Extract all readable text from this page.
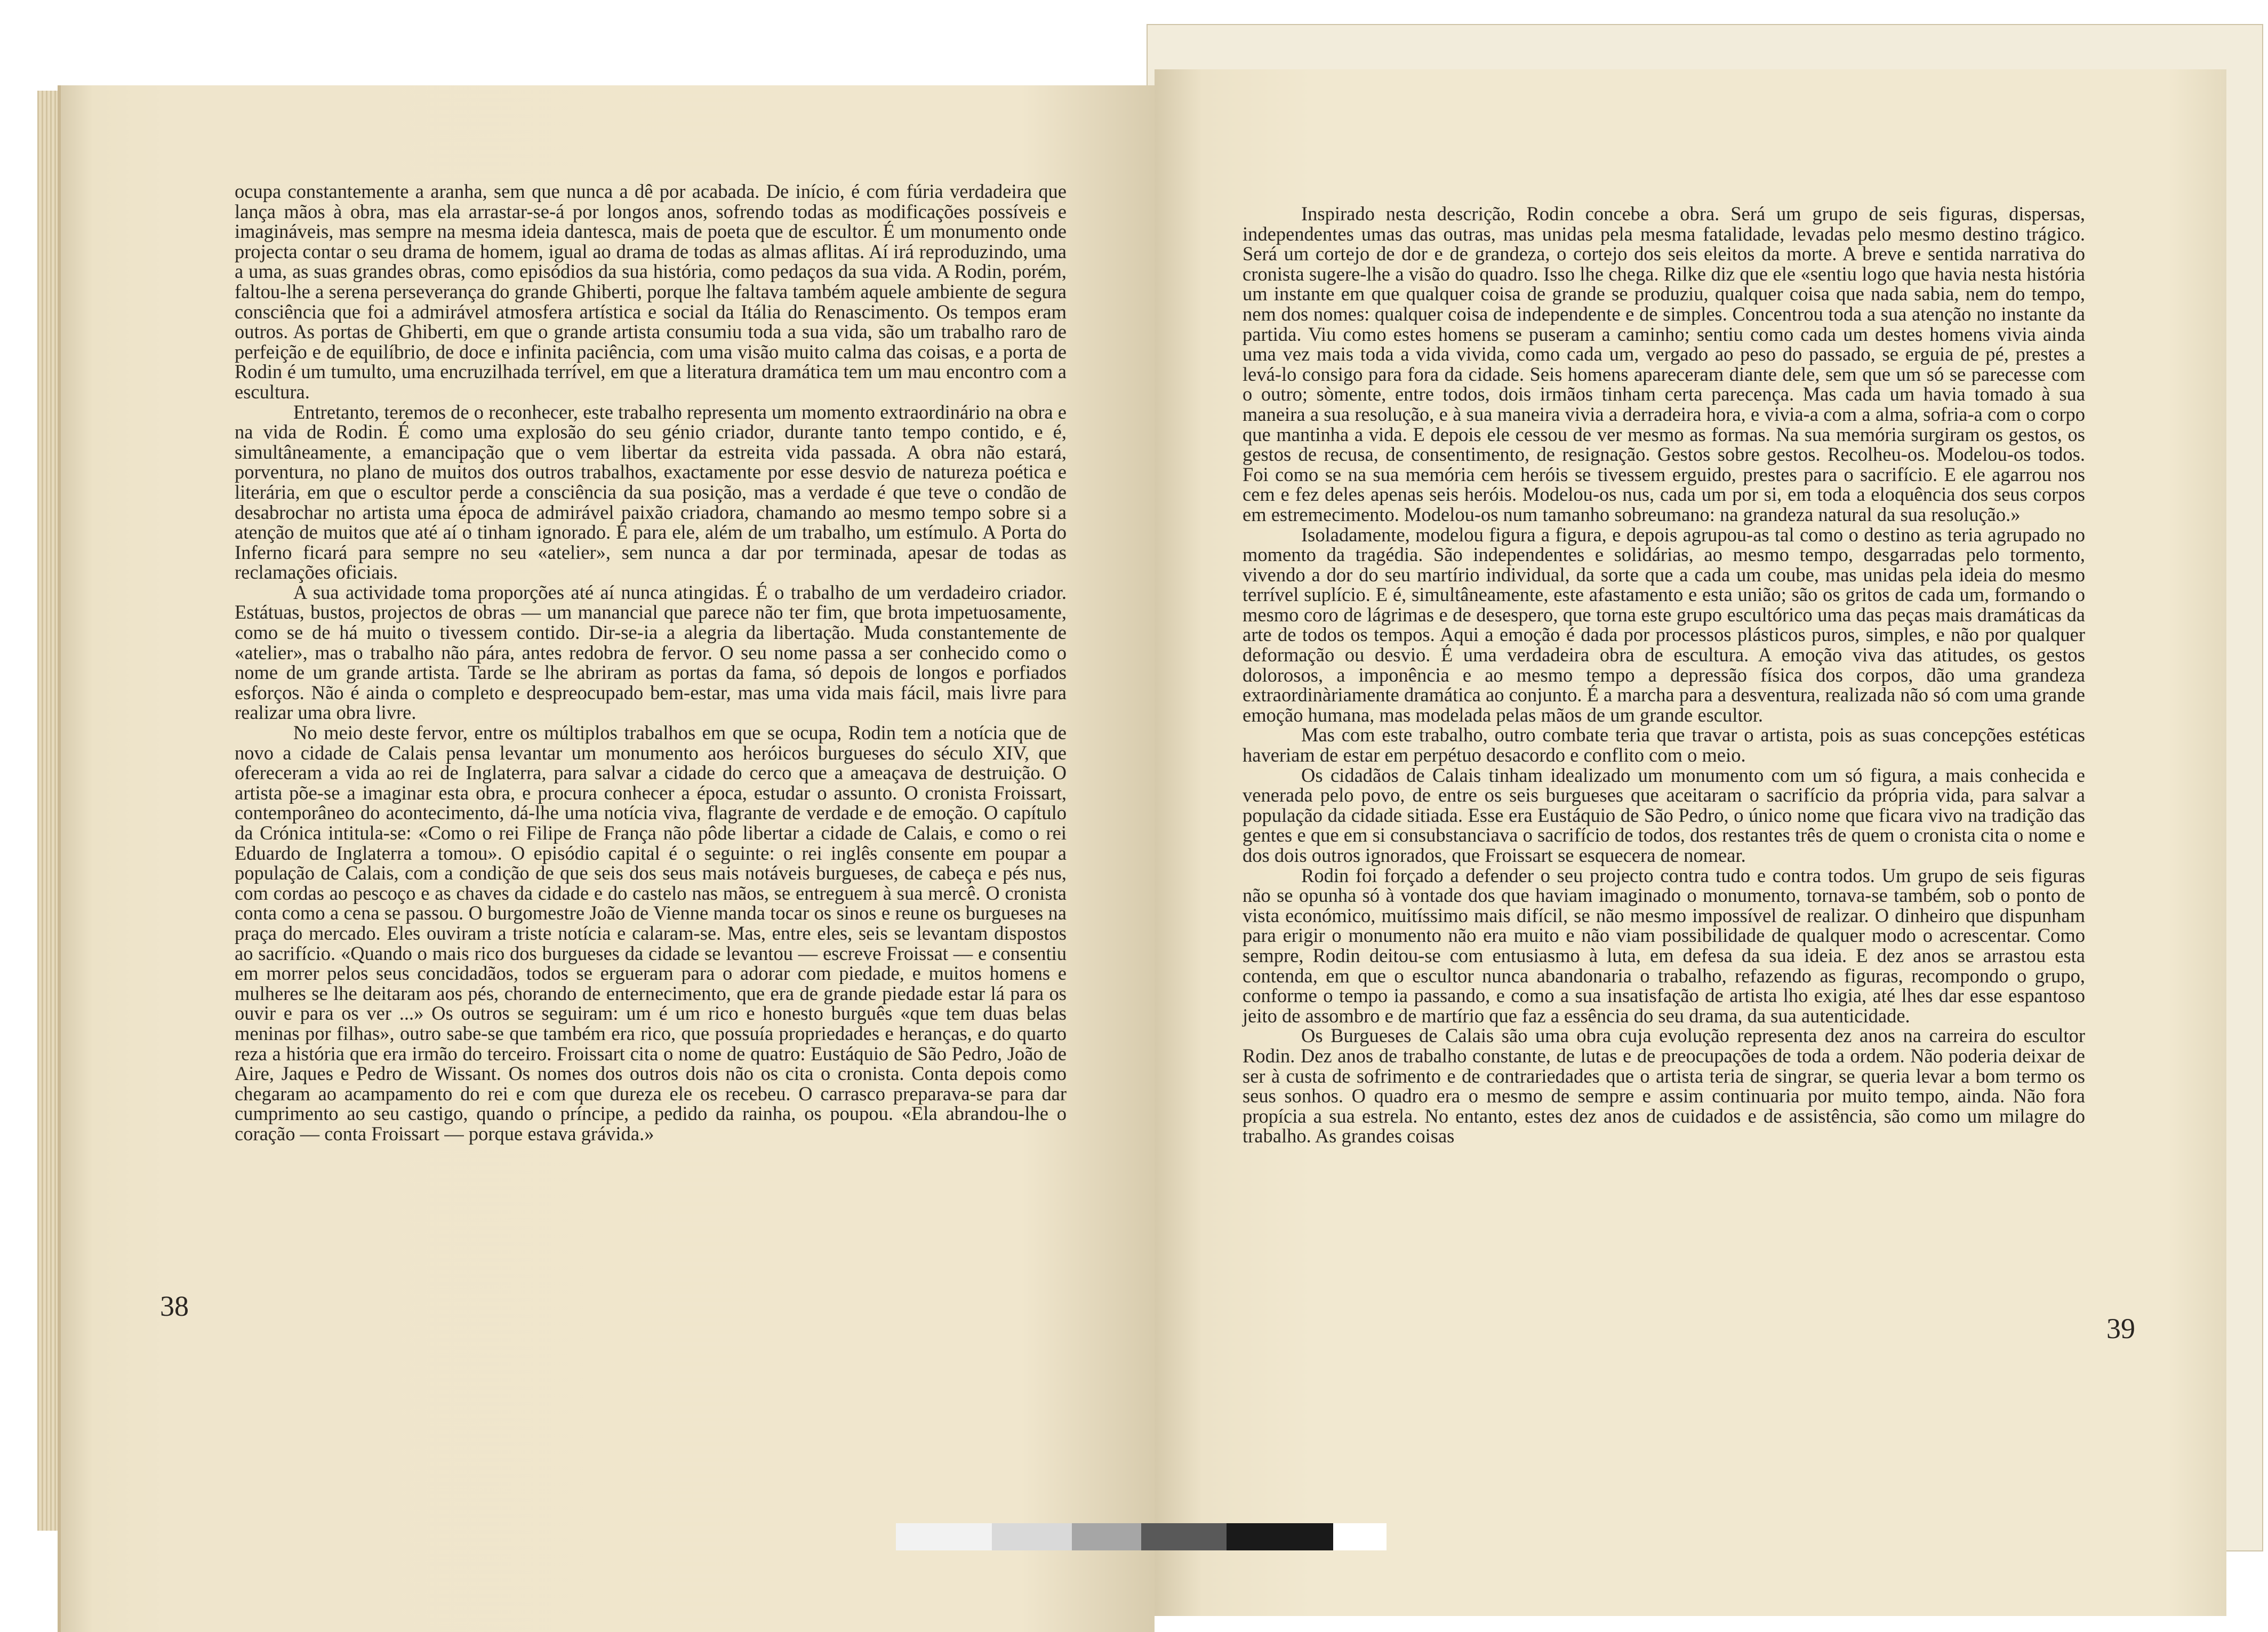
ocupa constantemente a aranha, sem que nunca a dê por acabada. De início, é com fúria verdadeira que lança mãos à obra, mas ela arrastar-se-á por longos anos, sofrendo todas as modificações possíveis e imagináveis, mas sempre na mesma ideia dantesca, mais de poeta que de escultor. É um monumento onde projecta contar o seu drama de homem, igual ao drama de todas as almas aflitas. Aí irá reproduzindo, uma a uma, as suas grandes obras, como episódios da sua história, como pedaços da sua vida. A Rodin, porém, faltou-lhe a serena perseverança do grande Ghiberti, porque lhe faltava também aquele ambiente de segura consciência que foi a admirável atmosfera artística e social da Itália do Renascimento. Os tempos eram outros. As portas de Ghiberti, em que o grande artista consumiu toda a sua vida, são um trabalho raro de perfeição e de equilíbrio, de doce e infinita paciência, com uma visão muito calma das coisas, e a porta de Rodin é um tumulto, uma encruzilhada terrível, em que a literatura dramática tem um mau encontro com a escultura.

Entretanto, teremos de o reconhecer, este trabalho representa um momento extraordinário na obra e na vida de Rodin. É como uma explosão do seu génio criador, durante tanto tempo contido, e é, simultâneamente, a emancipação que o vem libertar da estreita vida passada. A obra não estará, porventura, no plano de muitos dos outros trabalhos, exactamente por esse desvio de natureza poética e literária, em que o escultor perde a consciência da sua posição, mas a verdade é que teve o condão de desabrochar no artista uma época de admirável paixão criadora, chamando ao mesmo tempo sobre si a atenção de muitos que até aí o tinham ignorado. É para ele, além de um trabalho, um estímulo. A Porta do Inferno ficará para sempre no seu «atelier», sem nunca a dar por terminada, apesar de todas as reclamações oficiais.

A sua actividade toma proporções até aí nunca atingidas. É o trabalho de um verdadeiro criador. Estátuas, bustos, projectos de obras — um manancial que parece não ter fim, que brota impetuosamente, como se de há muito o tivessem contido. Dir-se-ia a alegria da libertação. Muda constantemente de «atelier», mas o trabalho não pára, antes redobra de fervor. O seu nome passa a ser conhecido como o nome de um grande artista. Tarde se lhe abriram as portas da fama, só depois de longos e porfiados esforços. Não é ainda o completo e despreocupado bem-estar, mas uma vida mais fácil, mais livre para realizar uma obra livre.

No meio deste fervor, entre os múltiplos trabalhos em que se ocupa, Rodin tem a notícia que de novo a cidade de Calais pensa levantar um monumento aos heróicos burgueses do século XIV, que ofereceram a vida ao rei de Inglaterra, para salvar a cidade do cerco que a ameaçava de destruição. O artista põe-se a imaginar esta obra, e procura conhecer a época, estudar o assunto. O cronista Froissart, contemporâneo do acontecimento, dá-lhe uma notícia viva, flagrante de verdade e de emoção. O capítulo da Crónica intitula-se: «Como o rei Filipe de França não pôde libertar a cidade de Calais, e como o rei Eduardo de Inglaterra a tomou». O episódio capital é o seguinte: o rei inglês consente em poupar a população de Calais, com a condição de que seis dos seus mais notáveis burgueses, de cabeça e pés nus, com cordas ao pescoço e as chaves da cidade e do castelo nas mãos, se entreguem à sua mercê. O cronista conta como a cena se passou. O burgomestre João de Vienne manda tocar os sinos e reune os burgueses na praça do mercado. Eles ouviram a triste notícia e calaram-se. Mas, entre eles, seis se levantam dispostos ao sacrifício. «Quando o mais rico dos burgueses da cidade se levantou — escreve Froissat — e consentiu em morrer pelos seus concidadãos, todos se ergueram para o adorar com piedade, e muitos homens e mulheres se lhe deitaram aos pés, chorando de enternecimento, que era de grande piedade estar lá para os ouvir e para os ver ...» Os outros se seguiram: um é um rico e honesto burguês «que tem duas belas meninas por filhas», outro sabe-se que também era rico, que possuía propriedades e heranças, e do quarto reza a história que era irmão do terceiro. Froissart cita o nome de quatro: Eustáquio de São Pedro, João de Aire, Jaques e Pedro de Wissant. Os nomes dos outros dois não os cita o cronista. Conta depois como chegaram ao acampamento do rei e com que dureza ele os recebeu. O carrasco preparava-se para dar cumprimento ao seu castigo, quando o príncipe, a pedido da rainha, os poupou. «Ela abrandou-lhe o coração — conta Froissart — porque estava grávida.»

Inspirado nesta descrição, Rodin concebe a obra. Será um grupo de seis figuras, dispersas, independentes umas das outras, mas unidas pela mesma fatalidade, levadas pelo mesmo destino trágico. Será um cortejo de dor e de grandeza, o cortejo dos seis eleitos da morte. A breve e sentida narrativa do cronista sugere-lhe a visão do quadro. Isso lhe chega. Rilke diz que ele «sentiu logo que havia nesta história um instante em que qualquer coisa de grande se produziu, qualquer coisa que nada sabia, nem do tempo, nem dos nomes: qualquer coisa de independente e de simples. Concentrou toda a sua atenção no instante da partida. Viu como estes homens se puseram a caminho; sentiu como cada um destes homens vivia ainda uma vez mais toda a vida vivida, como cada um, vergado ao peso do passado, se erguia de pé, prestes a levá-lo consigo para fora da cidade. Seis homens apareceram diante dele, sem que um só se parecesse com o outro; sòmente, entre todos, dois irmãos tinham certa parecença. Mas cada um havia tomado à sua maneira a sua resolução, e à sua maneira vivia a derradeira hora, e vivia-a com a alma, sofria-a com o corpo que mantinha a vida. E depois ele cessou de ver mesmo as formas. Na sua memória surgiram os gestos, os gestos de recusa, de consentimento, de resignação. Gestos sobre gestos. Recolheu-os. Modelou-os todos. Foi como se na sua memória cem heróis se tivessem erguido, prestes para o sacrifício. E ele agarrou nos cem e fez deles apenas seis heróis. Modelou-os nus, cada um por si, em toda a eloquência dos seus corpos em estremecimento. Modelou-os num tamanho sobreumano: na grandeza natural da sua resolução.»

Isoladamente, modelou figura a figura, e depois agrupou-as tal como o destino as teria agrupado no momento da tragédia. São independentes e solidárias, ao mesmo tempo, desgarradas pelo tormento, vivendo a dor do seu martírio individual, da sorte que a cada um coube, mas unidas pela ideia do mesmo terrível suplício. E é, simultâneamente, este afastamento e esta união; são os gritos de cada um, formando o mesmo coro de lágrimas e de desespero, que torna este grupo escultórico uma das peças mais dramáticas da arte de todos os tempos. Aqui a emoção é dada por processos plásticos puros, simples, e não por qualquer deformação ou desvio. É uma verdadeira obra de escultura. A emoção viva das atitudes, os gestos dolorosos, a imponência e ao mesmo tempo a depressão física dos corpos, dão uma grandeza extraordinàriamente dramática ao conjunto. É a marcha para a desventura, realizada não só com uma grande emoção humana, mas modelada pelas mãos de um grande escultor.

Mas com este trabalho, outro combate teria que travar o artista, pois as suas concepções estéticas haveriam de estar em perpétuo desacordo e conflito com o meio.

Os cidadãos de Calais tinham idealizado um monumento com um só figura, a mais conhecida e venerada pelo povo, de entre os seis burgueses que aceitaram o sacrifício da própria vida, para salvar a população da cidade sitiada. Esse era Eustáquio de São Pedro, o único nome que ficara vivo na tradição das gentes e que em si consubstanciava o sacrifício de todos, dos restantes três de quem o cronista cita o nome e dos dois outros ignorados, que Froissart se esquecera de nomear.

Rodin foi forçado a defender o seu projecto contra tudo e contra todos. Um grupo de seis figuras não se opunha só à vontade dos que haviam imaginado o monumento, tornava-se também, sob o ponto de vista económico, muitíssimo mais difícil, se não mesmo impossível de realizar. O dinheiro que dispunham para erigir o monumento não era muito e não viam possibilidade de qualquer modo o acrescentar. Como sempre, Rodin deitou-se com entusiasmo à luta, em defesa da sua ideia. E dez anos se arrastou esta contenda, em que o escultor nunca abandonaria o trabalho, refazendo as figuras, recompondo o grupo, conforme o tempo ia passando, e como a sua insatisfação de artista lho exigia, até lhes dar esse espantoso jeito de assombro e de martírio que faz a essência do seu drama, da sua autenticidade.

Os Burgueses de Calais são uma obra cuja evolução representa dez anos na carreira do escultor Rodin. Dez anos de trabalho constante, de lutas e de preocupações de toda a ordem. Não poderia deixar de ser à custa de sofrimento e de contrariedades que o artista teria de singrar, se queria levar a bom termo os seus sonhos. O quadro era o mesmo de sempre e assim continuaria por muito tempo, ainda. Não fora propícia a sua estrela. No entanto, estes dez anos de cuidados e de assistência, são como um milagre do trabalho. As grandes coisas

38
39
